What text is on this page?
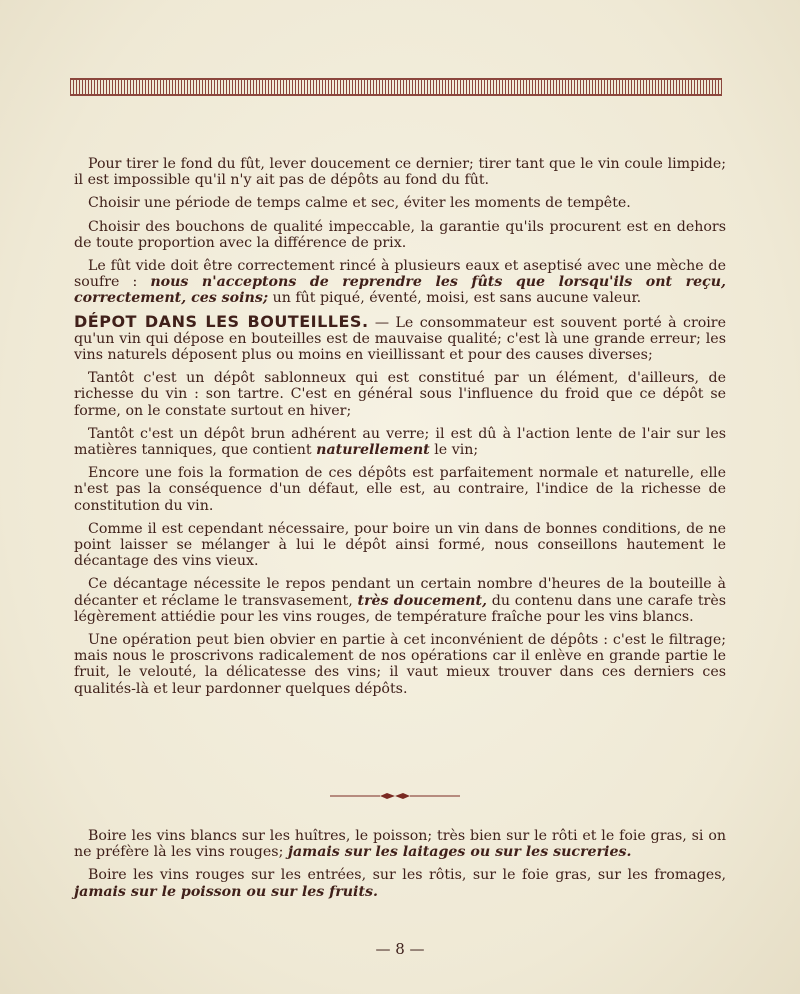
Pour tirer le fond du fût, lever doucement ce dernier; tirer tant que le vin coule limpide; il est impossible qu'il n'y ait pas de dépôts au fond du fût.

Choisir une période de temps calme et sec, éviter les moments de tempête.

Choisir des bouchons de qualité impeccable, la garantie qu'ils procurent est en dehors de toute proportion avec la différence de prix.

Le fût vide doit être correctement rincé à plusieurs eaux et aseptisé avec une mèche de soufre : nous n'acceptons de reprendre les fûts que lorsqu'ils ont reçu, correctement, ces soins; un fût piqué, éventé, moisi, est sans aucune valeur.

DÉPOT DANS LES BOUTEILLES. — Le consommateur est souvent porté à croire qu'un vin qui dépose en bouteilles est de mauvaise qualité; c'est là une grande erreur; les vins naturels déposent plus ou moins en vieillissant et pour des causes diverses;

Tantôt c'est un dépôt sablonneux qui est constitué par un élément, d'ailleurs, de richesse du vin : son tartre. C'est en général sous l'influence du froid que ce dépôt se forme, on le constate surtout en hiver;

Tantôt c'est un dépôt brun adhérent au verre; il est dû à l'action lente de l'air sur les matières tanniques, que contient naturellement le vin;

Encore une fois la formation de ces dépôts est parfaitement normale et naturelle, elle n'est pas la conséquence d'un défaut, elle est, au contraire, l'indice de la richesse de constitution du vin.

Comme il est cependant nécessaire, pour boire un vin dans de bonnes conditions, de ne point laisser se mélanger à lui le dépôt ainsi formé, nous conseillons hautement le décantage des vins vieux.

Ce décantage nécessite le repos pendant un certain nombre d'heures de la bouteille à décanter et réclame le transvasement, très doucement, du contenu dans une carafe très légèrement attiédie pour les vins rouges, de température fraîche pour les vins blancs.

Une opération peut bien obvier en partie à cet inconvénient de dépôts : c'est le filtrage; mais nous le proscrivons radicalement de nos opérations car il enlève en grande partie le fruit, le velouté, la délicatesse des vins; il vaut mieux trouver dans ces derniers ces qualités-là et leur pardonner quelques dépôts.

Boire les vins blancs sur les huîtres, le poisson; très bien sur le rôti et le foie gras, si on ne préfère là les vins rouges; jamais sur les laitages ou sur les sucreries.

Boire les vins rouges sur les entrées, sur les rôtis, sur le foie gras, sur les fromages, jamais sur le poisson ou sur les fruits.

— 8 —
